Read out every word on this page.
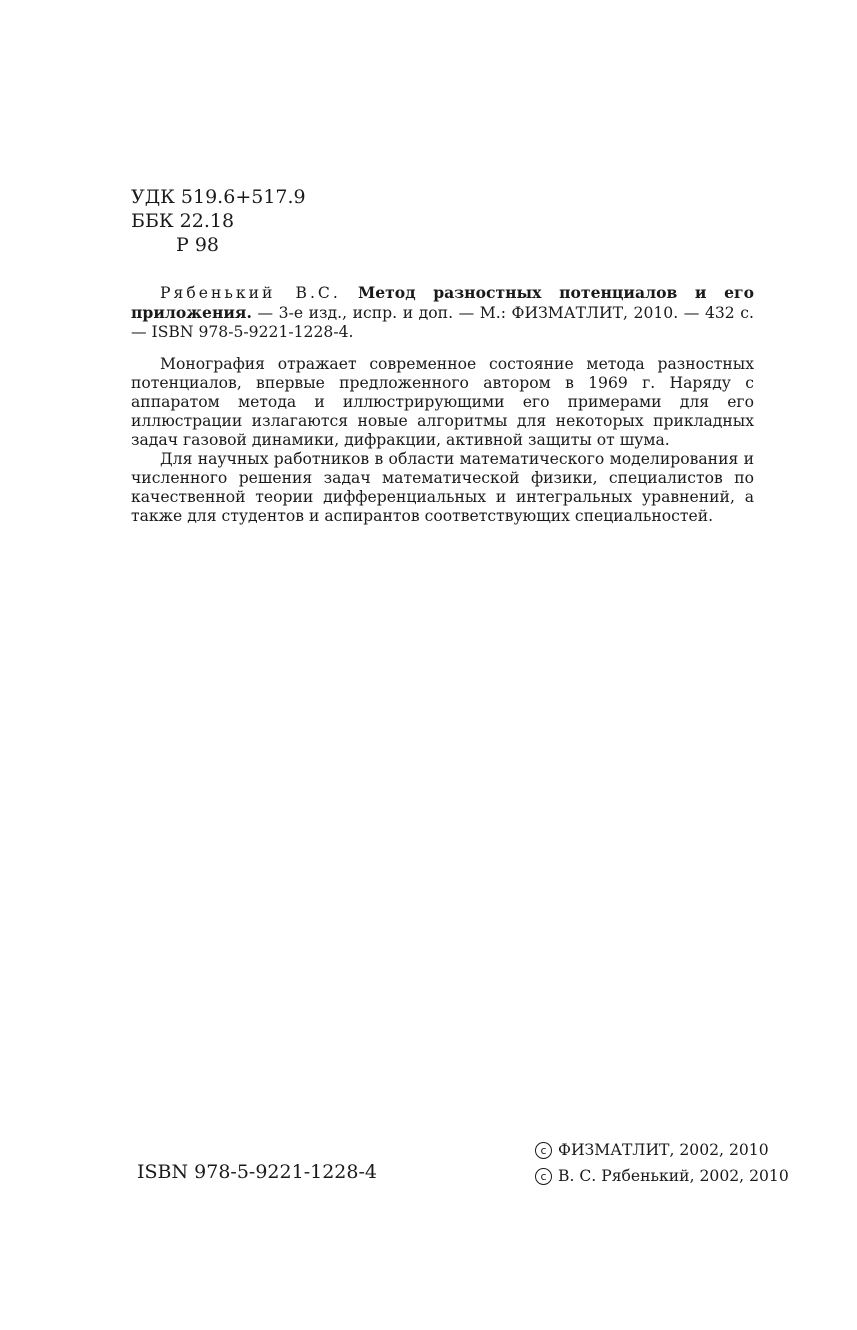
УДК 519.6+517.9
ББК 22.18
Р 98

Рябенький В.С. Метод разностных потенциалов и его приложения. — 3-е изд., испр. и доп. — М.: ФИЗМАТЛИТ, 2010. — 432 с. — ISBN 978-5-9221-1228-4.

Монография отражает современное состояние метода разностных потенциалов, впервые предложенного автором в 1969 г. Наряду с аппаратом метода и иллюстрирующими его примерами для его иллюстрации излагаются новые алгоритмы для некоторых прикладных задач газовой динамики, дифракции, активной защиты от шума.

Для научных работников в области математического моделирования и численного решения задач математической физики, специалистов по качественной теории дифференциальных и интегральных уравнений, а также для студентов и аспирантов соответствующих специальностей.

ISBN 978-5-9221-1228-4
c ФИЗМАТЛИТ, 2002, 2010
c В. С. Рябенький, 2002, 2010
